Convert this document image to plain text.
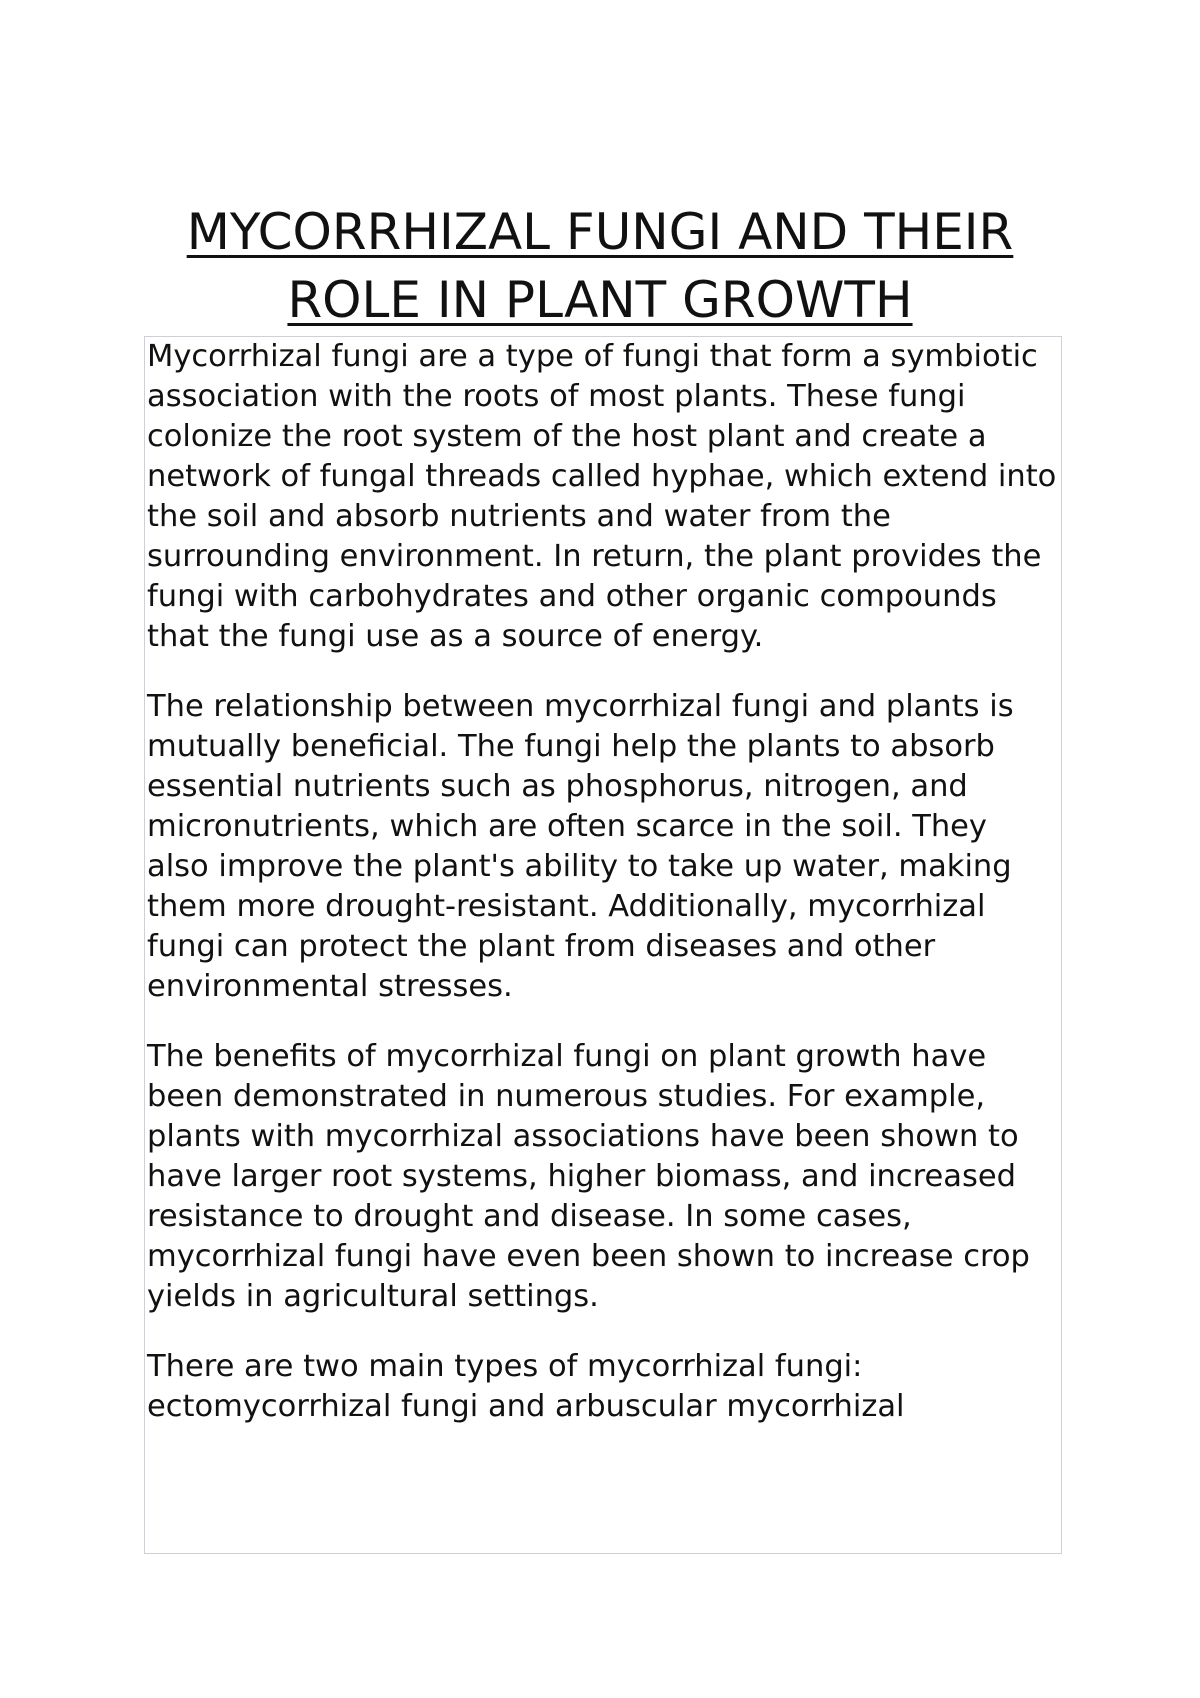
MYCORRHIZAL FUNGI AND THEIR ROLE IN PLANT GROWTH

Mycorrhizal fungi are a type of fungi that form a symbiotic association with the roots of most plants. These fungi colonize the root system of the host plant and create a network of fungal threads called hyphae, which extend into the soil and absorb nutrients and water from the surrounding environment. In return, the plant provides the fungi with carbohydrates and other organic compounds that the fungi use as a source of energy.

The relationship between mycorrhizal fungi and plants is mutually beneficial. The fungi help the plants to absorb essential nutrients such as phosphorus, nitrogen, and micronutrients, which are often scarce in the soil. They also improve the plant's ability to take up water, making them more drought-resistant. Additionally, mycorrhizal fungi can protect the plant from diseases and other environmental stresses.

The benefits of mycorrhizal fungi on plant growth have been demonstrated in numerous studies. For example, plants with mycorrhizal associations have been shown to have larger root systems, higher biomass, and increased resistance to drought and disease. In some cases, mycorrhizal fungi have even been shown to increase crop yields in agricultural settings.

There are two main types of mycorrhizal fungi: ectomycorrhizal fungi and arbuscular mycorrhizal
